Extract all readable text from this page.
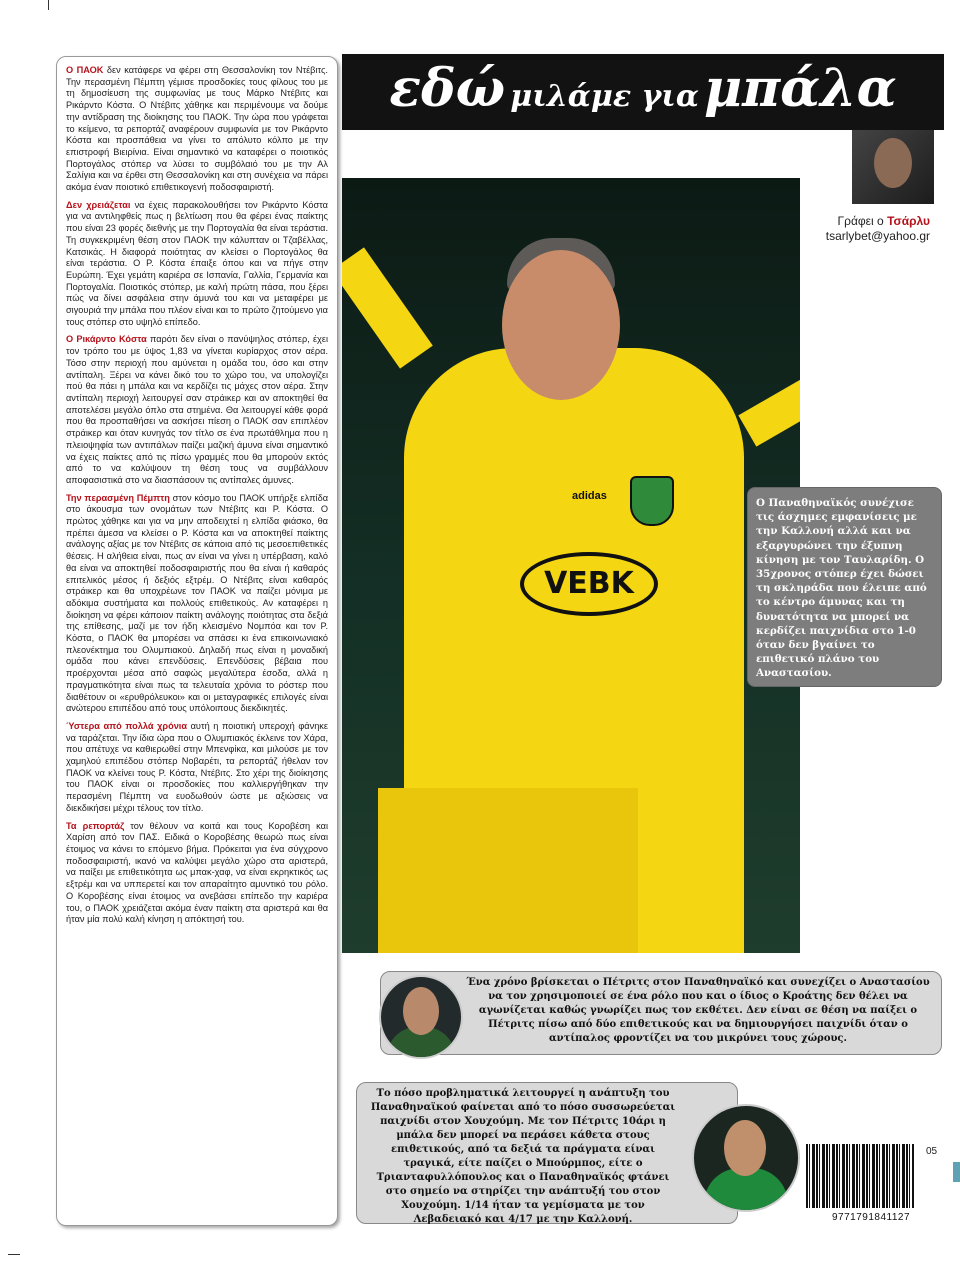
Ο ΠΑΟΚ δεν κατάφερε να φέρει στη Θεσσαλονίκη τον Ντέβιτς. Την περασμένη Πέμπτη γέμισε προσδοκίες τους φίλους του με τη δημοσίευση της συμφωνίας με τους Μάρκο Ντέβιτς και Ρικάρντο Κόστα. Ο Ντέβιτς χάθηκε και περιμένουμε να δούμε την αντίδραση της διοίκησης του ΠΑΟΚ. Την ώρα που γράφεται το κείμενο, τα ρεπορτάζ αναφέρουν συμφωνία με τον Ρικάρντο Κόστα και προσπάθεια να γίνει το απόλυτο κόλπο με την επιστροφή Βιειρίνια. Είναι σημαντικό να καταφέρει ο ποιοτικός Πορτογάλος στόπερ να λύσει το συμβόλαιό του με την Αλ Σαλίγια και να έρθει στη Θεσσαλονίκη και στη συνέχεια να πάρει ακόμα έναν ποιοτικό επιθετικογενή ποδοσφαιριστή.

Δεν χρειάζεται να έχεις παρακολουθήσει τον Ρικάρντο Κόστα για να αντιληφθείς πως η βελτίωση που θα φέρει ένας παίκτης που είναι 23 φορές διεθνής με την Πορτογαλία θα είναι τεράστια. Τη συγκεκριμένη θέση στον ΠΑΟΚ την κάλυπταν οι Τζαβέλλας, Κατσικάς. Η διαφορά ποιότητας αν κλείσει ο Πορτογάλος θα είναι τεράστια. Ο Ρ. Κόστα έπαιξε όπου και να πήγε στην Ευρώπη. Έχει γεμάτη καριέρα σε Ισπανία, Γαλλία, Γερμανία και Πορτογαλία. Ποιοτικός στόπερ, με καλή πρώτη πάσα, που ξέρει πώς να δίνει ασφάλεια στην άμυνά του και να μεταφέρει με σιγουριά την μπάλα που πλέον είναι και το πρώτο ζητούμενο για τους στόπερ στο υψηλό επίπεδο.

Ο Ρικάρντο Κόστα παρότι δεν είναι ο πανύψηλος στόπερ, έχει τον τρόπο του με ύψος 1,83 να γίνεται κυρίαρχος στον αέρα. Τόσο στην περιοχή που αμύνεται η ομάδα του, όσο και στην αντίπαλη. Ξέρει να κάνει δικό του το χώρο του, να υπολογίζει πού θα πάει η μπάλα και να κερδίζει τις μάχες στον αέρα. Στην αντίπαλη περιοχή λειτουργεί σαν στράικερ και αν αποκτηθεί θα αποτελέσει μεγάλο όπλο στα στημένα. Θα λειτουργεί κάθε φορά που θα προσπαθήσει να ασκήσει πίεση ο ΠΑΟΚ σαν επιπλέον στράικερ και όταν κυνηγάς τον τίτλο σε ένα πρωτάθλημα που η πλειοψηφία των αντιπάλων παίζει μαζική άμυνα είναι σημαντικό να έχεις παίκτες από τις πίσω γραμμές που θα μπορούν εκτός από το να καλύψουν τη θέση τους να συμβάλλουν αποφασιστικά στο να διασπάσουν τις αντίπαλες άμυνες.

Την περασμένη Πέμπτη στον κόσμο του ΠΑΟΚ υπήρξε ελπίδα στο άκουσμα των ονομάτων των Ντέβιτς και Ρ. Κόστα. Ο πρώτος χάθηκε και για να μην αποδειχτεί η ελπίδα φιάσκο, θα πρέπει άμεσα να κλείσει ο Ρ. Κόστα και να αποκτηθεί παίκτης ανάλογης αξίας με τον Ντέβιτς σε κάποια από τις μεσοεπιθετικές θέσεις. Η αλήθεια είναι, πως αν είναι να γίνει η υπέρβαση, καλό θα είναι να αποκτηθεί ποδοσφαιριστής που θα είναι ή καθαρός επιτελικός μέσος ή δεξιός εξτρέμ. Ο Ντέβιτς είναι καθαρός στράικερ και θα υποχρέωνε τον ΠΑΟΚ να παίζει μόνιμα με αδόκιμα συστήματα και πολλούς επιθετικούς. Αν καταφέρει η διοίκηση να φέρει κάποιον παίκτη ανάλογης ποιότητας στα δεξιά της επίθεσης, μαζί με τον ήδη κλεισμένο Νομπόα και τον Ρ. Κόστα, ο ΠΑΟΚ θα μπορέσει να σπάσει κι ένα επικοινωνιακό πλεονέκτημα του Ολυμπιακού. Δηλαδή πως είναι η μοναδική ομάδα που κάνει επενδύσεις. Επενδύσεις βέβαια που προέρχονται μέσα από σαφώς μεγαλύτερα έσοδα, αλλά η πραγματικότητα είναι πως τα τελευταία χρόνια το ρόστερ που διαθέτουν οι «ερυθρόλευκοι» και οι μεταγραφικές επιλογές είναι ανώτερου επιπέδου από τους υπόλοιπους διεκδικητές.

Ύστερα από πολλά χρόνια αυτή η ποιοτική υπεροχή φάνηκε να ταράζεται. Την ίδια ώρα που ο Ολυμπιακός έκλεινε τον Χάρα, που απέτυχε να καθιερωθεί στην Μπενφίκα, και μιλούσε με τον χαμηλού επιπέδου στόπερ Νοβαρέτι, τα ρεπορτάζ ήθελαν τον ΠΑΟΚ να κλείνει τους Ρ. Κόστα, Ντέβιτς. Στο χέρι της διοίκησης του ΠΑΟΚ είναι οι προσδοκίες που καλλιεργήθηκαν την περασμένη Πέμπτη να ευοδωθούν ώστε με αξιώσεις να διεκδικήσει μέχρι τέλους τον τίτλο.

Τα ρεπορτάζ τον θέλουν να κοιτά και τους Κοροβέση και Χαρίση από τον ΠΑΣ. Ειδικά ο Κοροβέσης θεωρώ πως είναι έτοιμος να κάνει το επόμενο βήμα. Πρόκειται για ένα σύγχρονο ποδοσφαιριστή, ικανό να καλύψει μεγάλο χώρο στα αριστερά, να παίξει με επιθετικότητα ως μπακ-χαφ, να είναι εκρηκτικός ως εξτρέμ και να υππερετεί και τον απαραίτητο αμυντικό του ρόλο. Ο Κοροβέσης είναι έτοιμος να ανεβάσει επίπεδο την καριέρα του, ο ΠΑΟΚ χρειάζεται ακόμα έναν παίκτη στα αριστερά και θα ήταν μία πολύ καλή κίνηση η απόκτησή του.

εδώ μιλάμε για μπάλα
Γράφει ο Τσάρλυ
tsarlybet@yahoo.gr
adidas
VEBK
Ο Παναθηναϊκός συνέχισε τις άσχημες εμφανίσεις με την Καλλονή αλλά και να εξαργυρώνει την έξυπνη κίνηση με τον Ταυλαρίδη. Ο 35χρονος στόπερ έχει δώσει τη σκληράδα που έλειπε από το κέντρο άμυνας και τη δυνατότητα να μπορεί να κερδίζει παιχνίδια στο 1-0 όταν δεν βγαίνει το επιθετικό πλάνο του Αναστασίου.
Ένα χρόνο βρίσκεται ο Πέτριτς στον Παναθηναϊκό και συνεχίζει ο Αναστασίου να τον χρησιμοποιεί σε ένα ρόλο που και ο ίδιος ο Κροάτης δεν θέλει να αγωνίζεται καθώς γνωρίζει πως τον εκθέτει. Δεν είναι σε θέση να παίξει ο Πέτριτς πίσω από δύο επιθετικούς και να δημιουργήσει παιχνίδι όταν ο αντίπαλος φροντίζει να του μικρύνει τους χώρους.
Το πόσο προβληματικά λειτουργεί η ανάπτυξη του Παναθηναϊκού φαίνεται από το πόσο συσσωρεύεται παιχνίδι στον Χουχούμη. Με τον Πέτριτς 10άρι η μπάλα δεν μπορεί να περάσει κάθετα στους επιθετικούς, από τα δεξιά τα πράγματα είναι τραγικά, είτε παίζει ο Μπούρμπος, είτε ο Τριανταφυλλόπουλος και ο Παναθηναϊκός φτάνει στο σημείο να στηρίζει την ανάπτυξή του στον Χουχούμη. 1/14 ήταν τα γεμίσματα με τον Λεβαδειακό και 4/17 με την Καλλονή.
05
9771791841127
